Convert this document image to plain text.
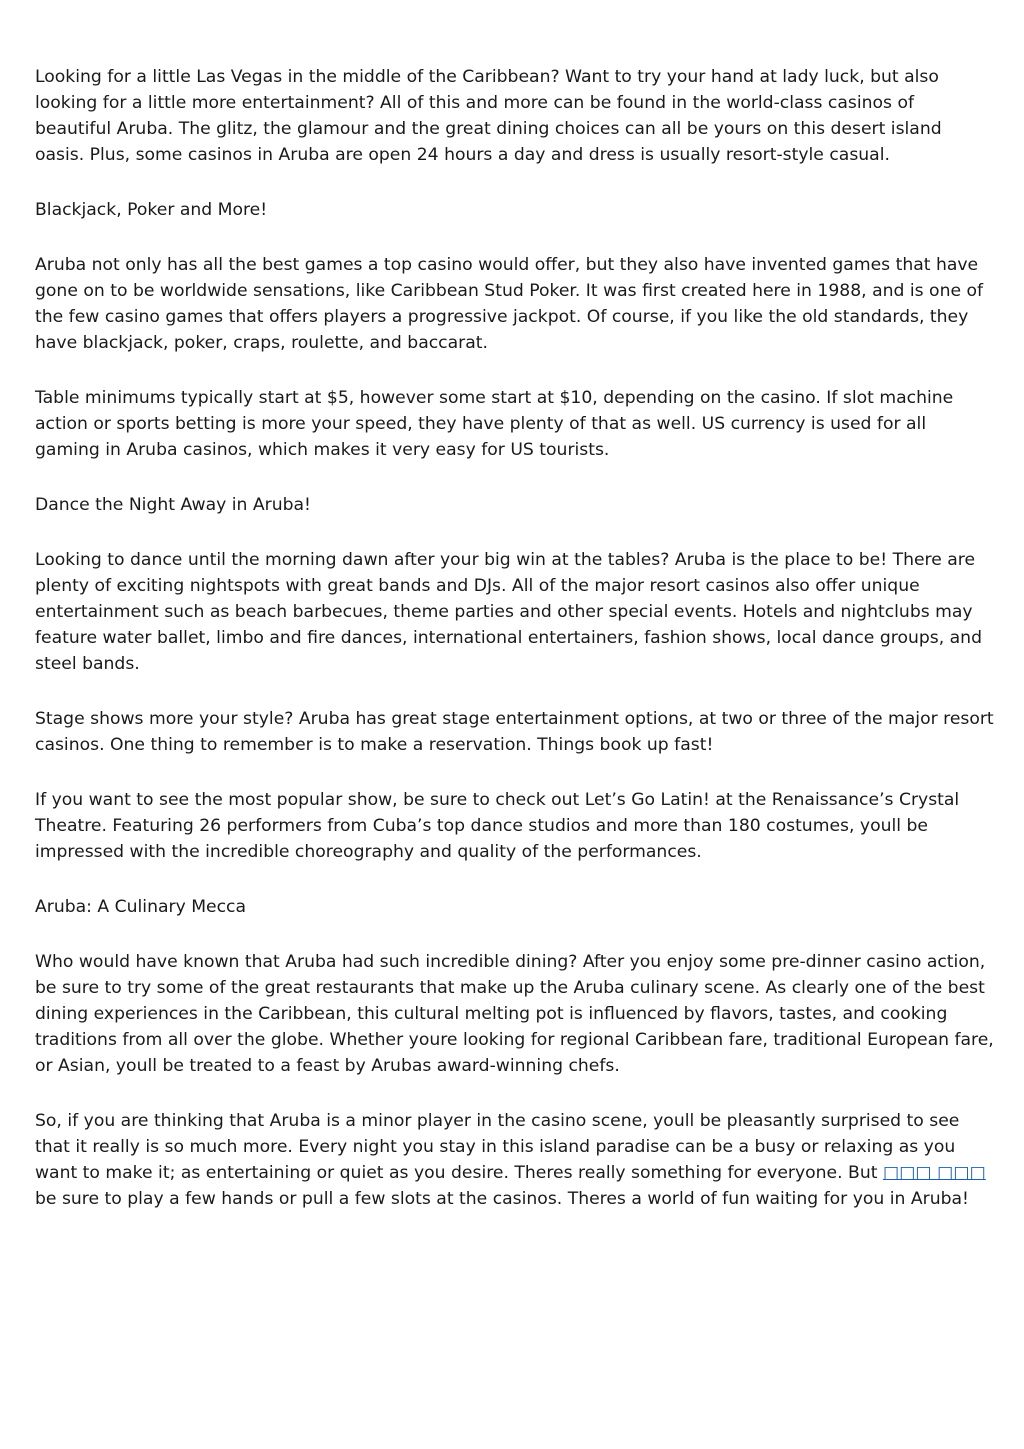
Looking for a little Las Vegas in the middle of the Caribbean? Want to try your hand at lady luck, but also looking for a little more entertainment? All of this and more can be found in the world-class casinos of beautiful Aruba. The glitz, the glamour and the great dining choices can all be yours on this desert island oasis. Plus, some casinos in Aruba are open 24 hours a day and dress is usually resort-style casual.

Blackjack, Poker and More!

Aruba not only has all the best games a top casino would offer, but they also have invented games that have gone on to be worldwide sensations, like Caribbean Stud Poker. It was first created here in 1988, and is one of the few casino games that offers players a progressive jackpot. Of course, if you like the old standards, they have blackjack, poker, craps, roulette, and baccarat.

Table minimums typically start at $5, however some start at $10, depending on the casino. If slot machine action or sports betting is more your speed, they have plenty of that as well. US currency is used for all gaming in Aruba casinos, which makes it very easy for US tourists.

Dance the Night Away in Aruba!

Looking to dance until the morning dawn after your big win at the tables? Aruba is the place to be! There are plenty of exciting nightspots with great bands and DJs. All of the major resort casinos also offer unique entertainment such as beach barbecues, theme parties and other special events. Hotels and nightclubs may feature water ballet, limbo and fire dances, international entertainers, fashion shows, local dance groups, and steel bands.

Stage shows more your style? Aruba has great stage entertainment options, at two or three of the major resort casinos. One thing to remember is to make a reservation. Things book up fast!

If you want to see the most popular show, be sure to check out Let’s Go Latin! at the Renaissance’s Crystal Theatre. Featuring 26 performers from Cuba’s top dance studios and more than 180 costumes, youll be impressed with the incredible choreography and quality of the performances.

Aruba: A Culinary Mecca

Who would have known that Aruba had such incredible dining? After you enjoy some pre-dinner casino action, be sure to try some of the great restaurants that make up the Aruba culinary scene. As clearly one of the best dining experiences in the Caribbean, this cultural melting pot is influenced by flavors, tastes, and cooking traditions from all over the globe. Whether youre looking for regional Caribbean fare, traditional European fare, or Asian, youll be treated to a feast by Arubas award-winning chefs.

So, if you are thinking that Aruba is a minor player in the casino scene, youll be pleasantly surprised to see that it really is so much more. Every night you stay in this island paradise can be a busy or relaxing as you want to make it; as entertaining or quiet as you desire. Theres really something for everyone. But □□□ □□□ be sure to play a few hands or pull a few slots at the casinos. Theres a world of fun waiting for you in Aruba!
